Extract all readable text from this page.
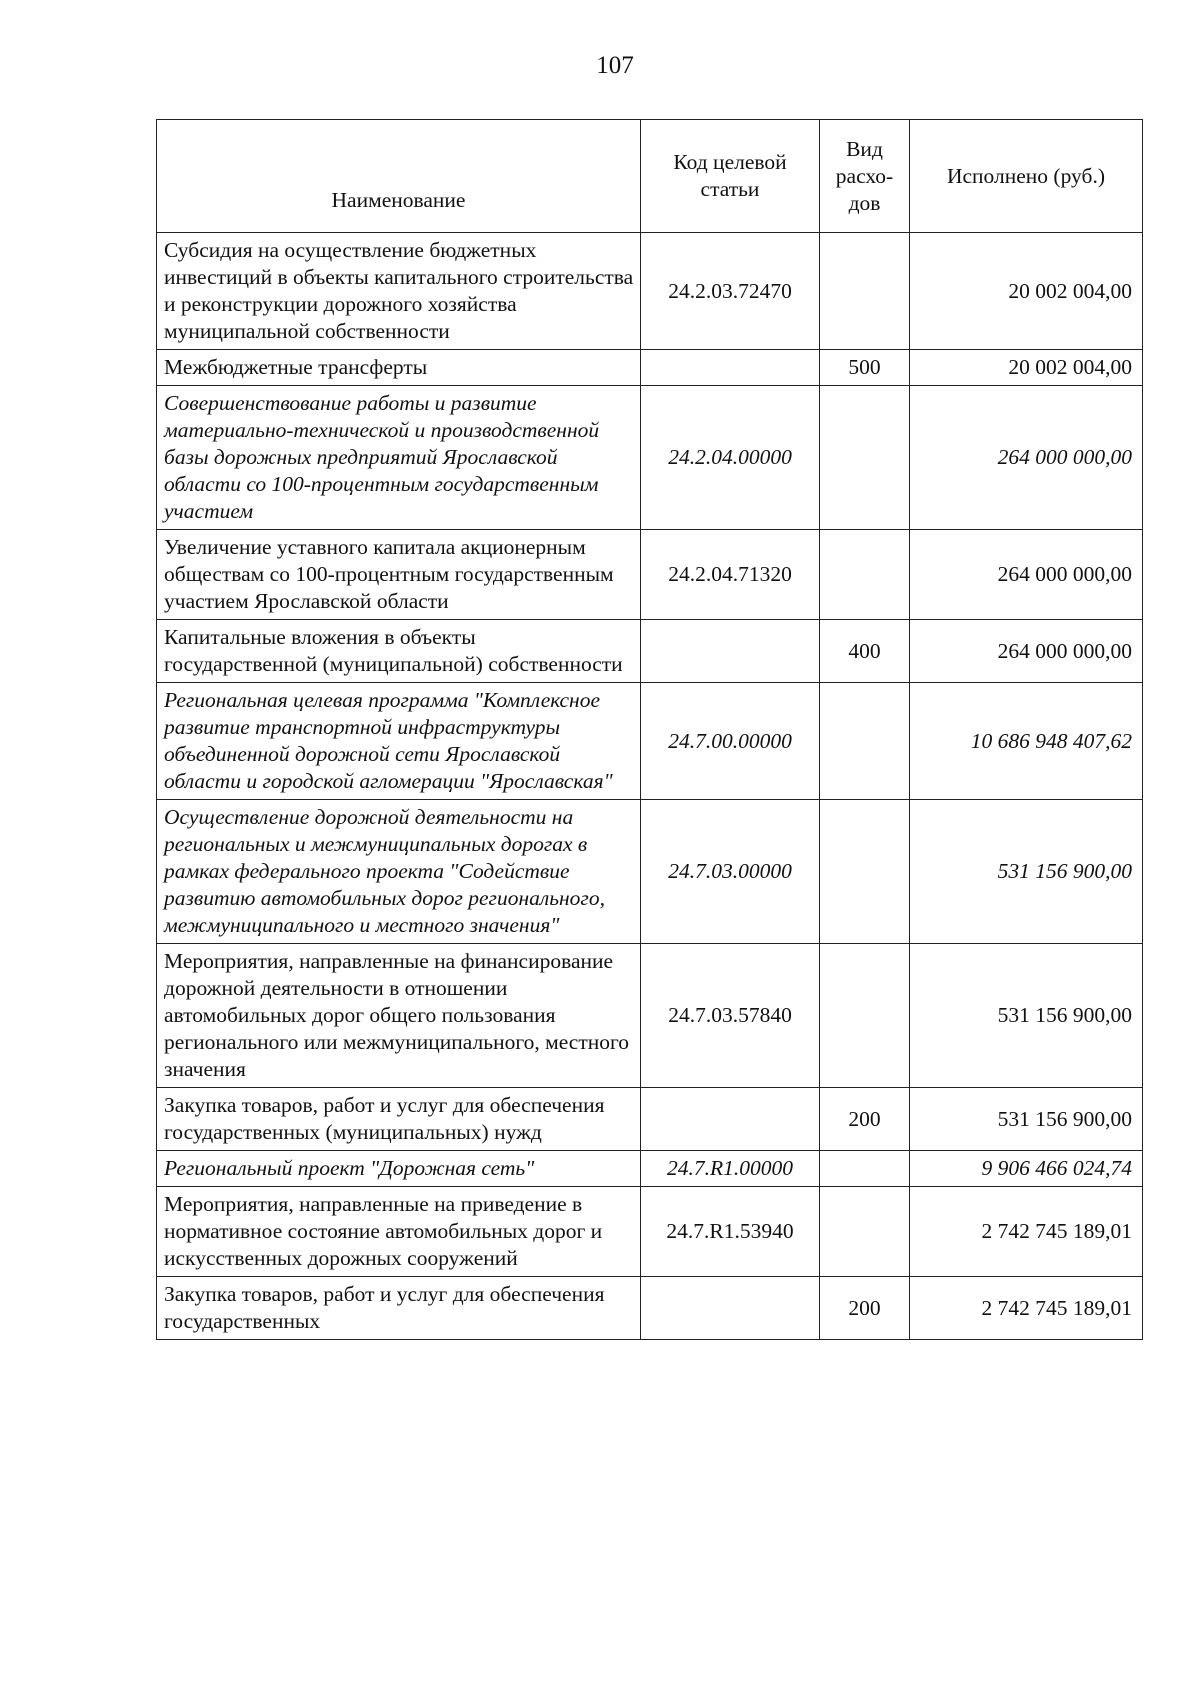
107
Наименование	Код целевой статьи	Вид расхо-дов	Исполнено (руб.)
Субсидия на осуществление бюджетных инвестиций в объекты капитального строительства и реконструкции дорожного хозяйства муниципальной собственности	24.2.03.72470		20 002 004,00
Межбюджетные трансферты		500	20 002 004,00
Совершенствование работы и развитие материально-технической и производственной базы дорожных предприятий Ярославской области со 100-процентным государственным участием	24.2.04.00000		264 000 000,00
Увеличение уставного капитала акционерным обществам со 100-процентным государственным участием Ярославской области	24.2.04.71320		264 000 000,00
Капитальные вложения в объекты государственной (муниципальной) собственности		400	264 000 000,00
Региональная целевая программа "Комплексное развитие транспортной инфраструктуры объединенной дорожной сети Ярославской области и городской агломерации "Ярославская"	24.7.00.00000		10 686 948 407,62
Осуществление дорожной деятельности на региональных и межмуниципальных дорогах в рамках федерального проекта "Содействие развитию автомобильных дорог регионального, межмуниципального и местного значения"	24.7.03.00000		531 156 900,00
Мероприятия, направленные на финансирование дорожной деятельности в отношении автомобильных дорог общего пользования регионального или межмуниципального, местного значения	24.7.03.57840		531 156 900,00
Закупка товаров, работ и услуг для обеспечения государственных (муниципальных) нужд		200	531 156 900,00
Региональный проект "Дорожная сеть"	24.7.R1.00000		9 906 466 024,74
Мероприятия, направленные на приведение в нормативное состояние автомобильных дорог и искусственных дорожных сооружений	24.7.R1.53940		2 742 745 189,01
Закупка товаров, работ и услуг для обеспечения государственных		200	2 742 745 189,01
